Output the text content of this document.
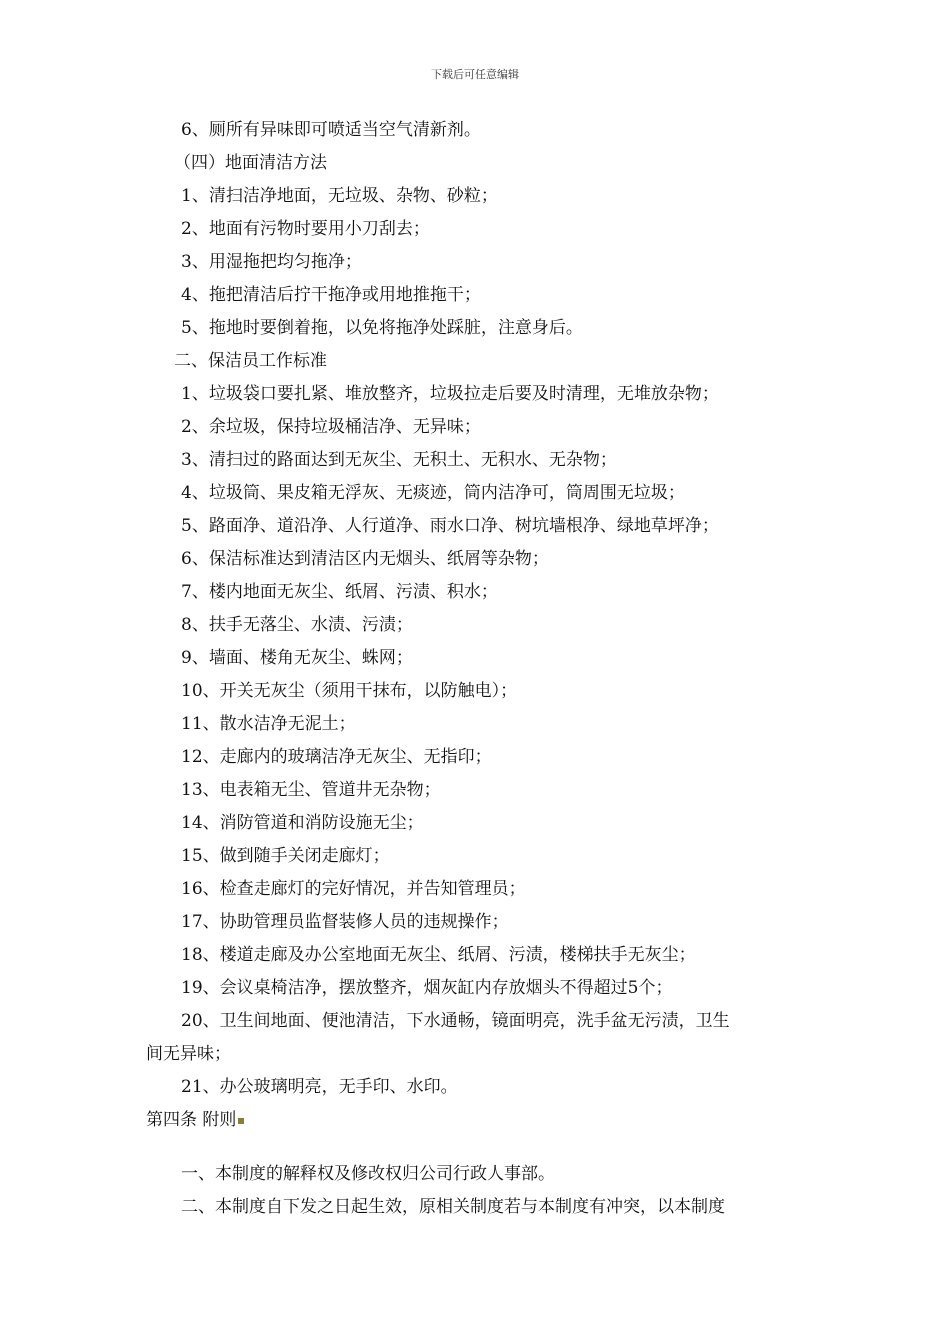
下载后可任意编辑
6、厕所有异味即可喷适当空气清新剂。
（四）地面清洁方法
1、清扫洁净地面，无垃圾、杂物、砂粒；
2、地面有污物时要用小刀刮去；
3、用湿拖把均匀拖净；
4、拖把清洁后拧干拖净或用地推拖干；
5、拖地时要倒着拖，以免将拖净处踩脏，注意身后。
二、保洁员工作标准
1、垃圾袋口要扎紧、堆放整齐，垃圾拉走后要及时清理，无堆放杂物；
2、余垃圾，保持垃圾桶洁净、无异味；
3、清扫过的路面达到无灰尘、无积土、无积水、无杂物；
4、垃圾筒、果皮箱无浮灰、无痰迹，筒内洁净可，筒周围无垃圾；
5、路面净、道沿净、人行道净、雨水口净、树坑墙根净、绿地草坪净；
6、保洁标准达到清洁区内无烟头、纸屑等杂物；
7、楼内地面无灰尘、纸屑、污渍、积水；
8、扶手无落尘、水渍、污渍；
9、墙面、楼角无灰尘、蛛网；
10、开关无灰尘（须用干抹布，以防触电）；
11、散水洁净无泥土；
12、走廊内的玻璃洁净无灰尘、无指印；
13、电表箱无尘、管道井无杂物；
14、消防管道和消防设施无尘；
15、做到随手关闭走廊灯；
16、检查走廊灯的完好情况，并告知管理员；
17、协助管理员监督装修人员的违规操作；
18、楼道走廊及办公室地面无灰尘、纸屑、污渍，楼梯扶手无灰尘；
19、会议桌椅洁净，摆放整齐，烟灰缸内存放烟头不得超过5个；
20、卫生间地面、便池清洁，下水通畅，镜面明亮，洗手盆无污渍，卫生
间无异味；
21、办公玻璃明亮，无手印、水印。
第四条 附则
一、本制度的解释权及修改权归公司行政人事部。
二、本制度自下发之日起生效，原相关制度若与本制度有冲突，以本制度
